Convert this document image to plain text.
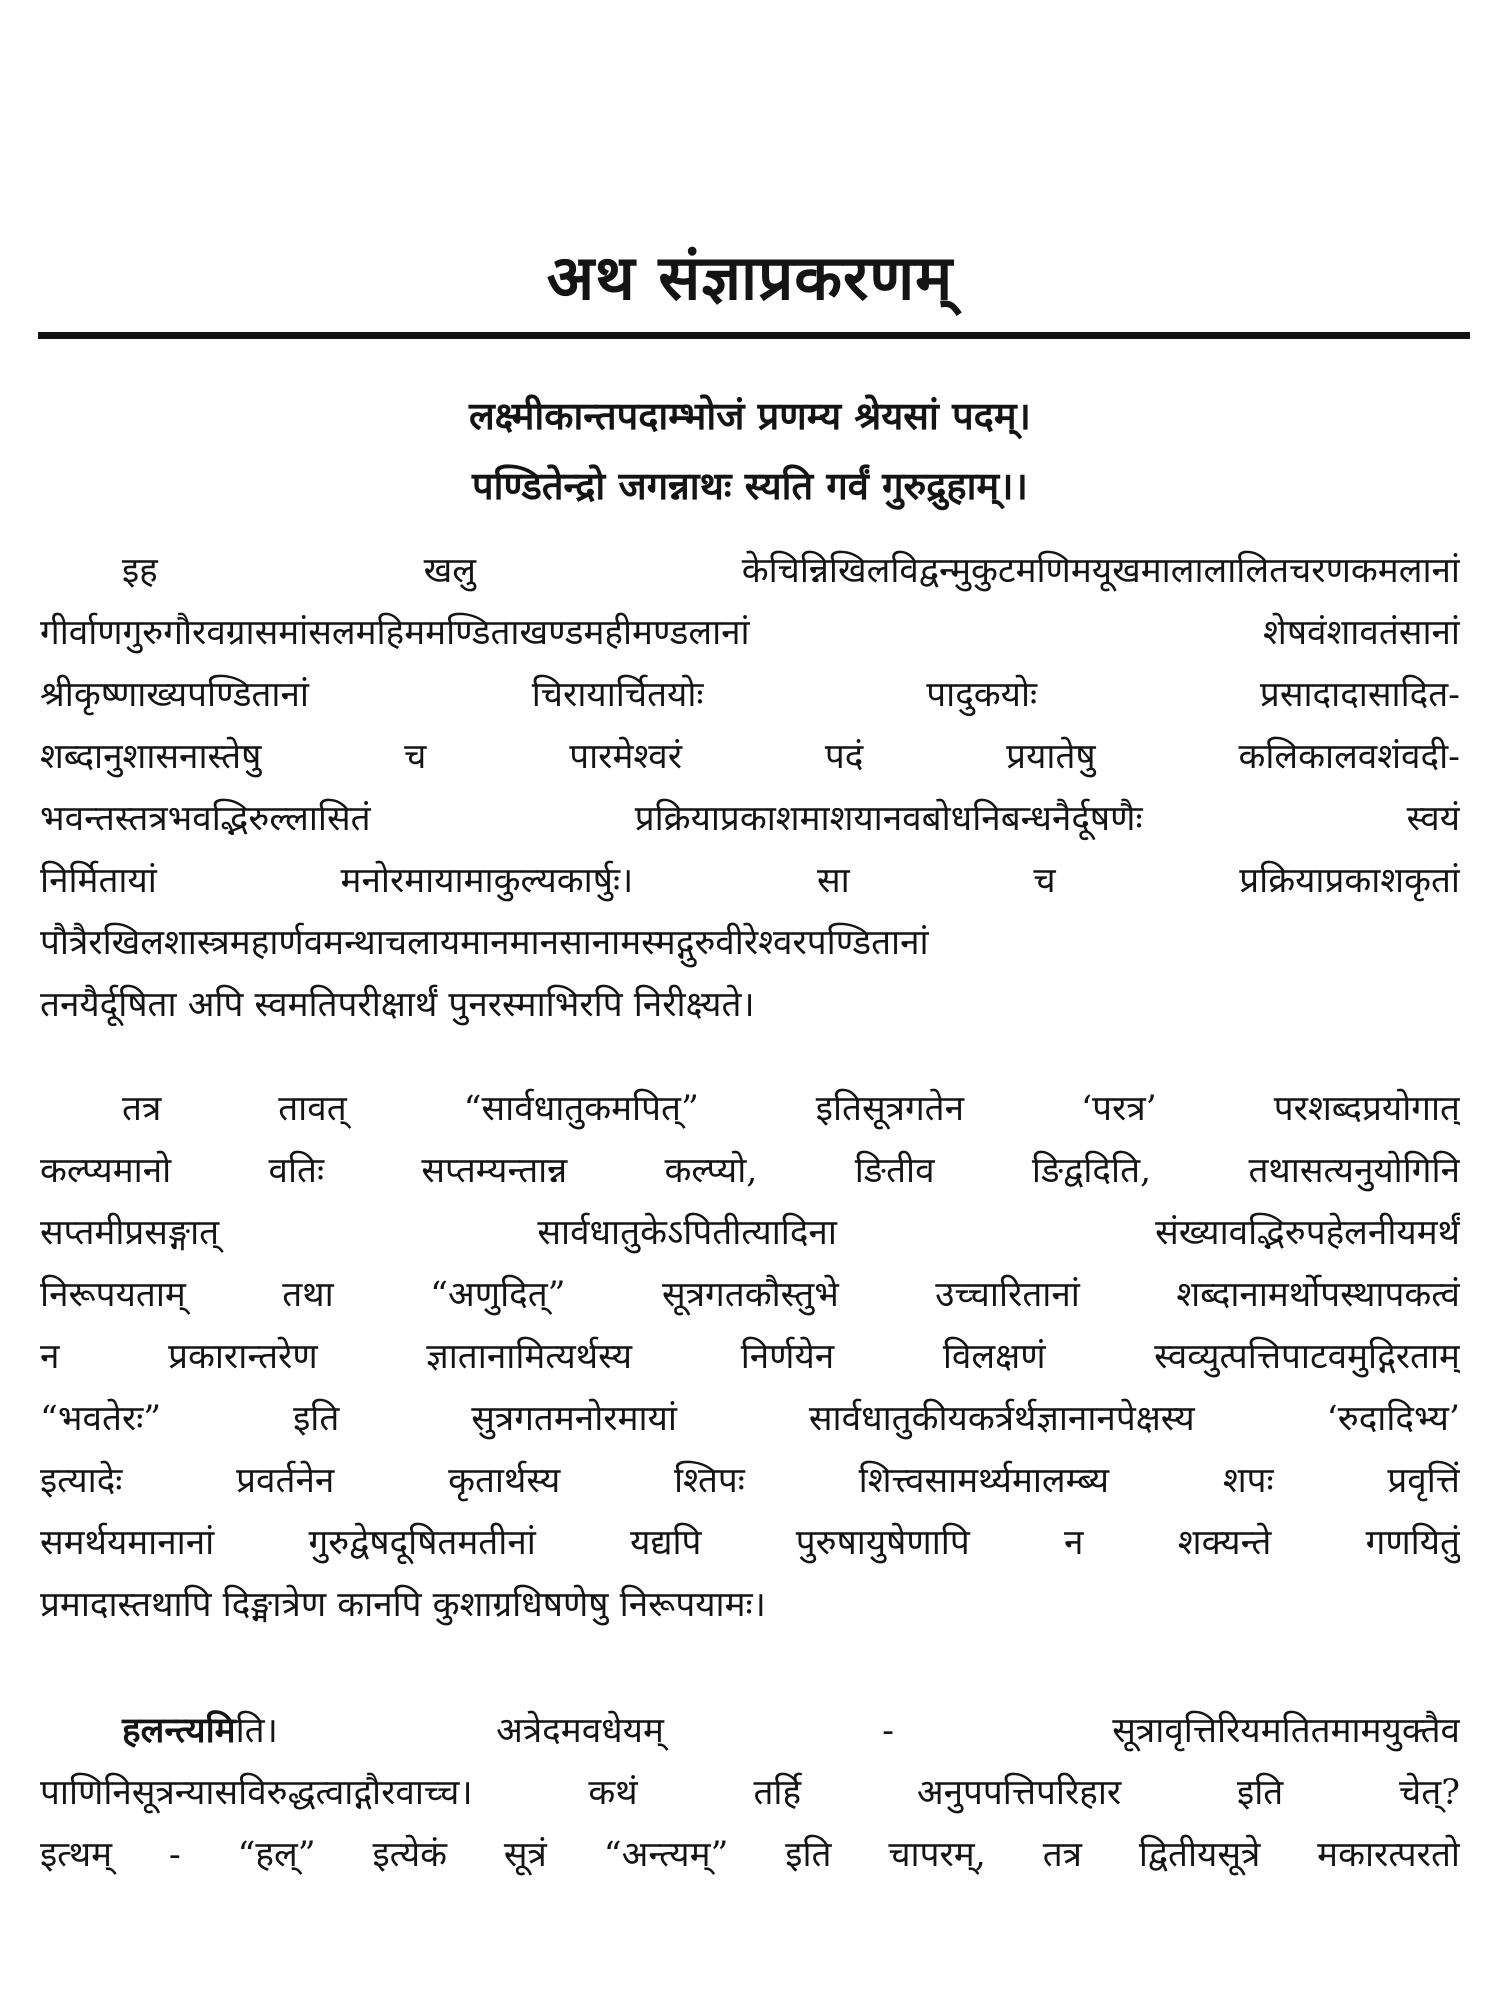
अथ संज्ञाप्रकरणम्
लक्ष्मीकान्तपदाम्भोजं प्रणम्य श्रेयसां पदम्।
पण्डितेन्द्रो जगन्नाथः स्यति गर्वं गुरुद्रुहाम्।।
इह खलु केचिन्निखिलविद्वन्मुकुटमणिमयूखमालालालितचरणकमलानां
गीर्वाणगुरुगौरवग्रासमांसलमहिममण्डिताखण्डमहीमण्डलानां शेषवंशावतंसानां
श्रीकृष्णाख्यपण्डितानां चिरायार्चितयोः पादुकयोः प्रसादादासादित-
शब्दानुशासनास्तेषु च पारमेश्वरं पदं प्रयातेषु कलिकालवशंवदी-
भवन्तस्तत्रभवद्भिरुल्लासितं प्रक्रियाप्रकाशमाशयानवबोधनिबन्धनैर्दूषणैः स्वयं
निर्मितायां मनोरमायामाकुल्यकार्षुः। सा च प्रक्रियाप्रकाशकृतां
पौत्रैरखिलशास्त्रमहार्णवमन्थाचलायमानमानसानामस्मद्गुरुवीरेश्वरपण्डितानां
तनयैर्दूषिता अपि स्वमतिपरीक्षार्थं पुनरस्माभिरपि निरीक्ष्यते।
तत्र तावत् “सार्वधातुकमपित्” इतिसूत्रगतेन ‘परत्र’ परशब्दप्रयोगात्
कल्प्यमानो वतिः सप्तम्यन्तान्न कल्प्यो, ङितीव ङिद्वदिति, तथासत्यनुयोगिनि
सप्तमीप्रसङ्गात् सार्वधातुकेऽपितीत्यादिना संख्यावद्भिरुपहेलनीयमर्थं
निरूपयताम् तथा “अणुदित्” सूत्रगतकौस्तुभे उच्चारितानां शब्दानामर्थोपस्थापकत्वं
न प्रकारान्तरेण ज्ञातानामित्यर्थस्य निर्णयेन विलक्षणं स्वव्युत्पत्तिपाटवमुद्गिरताम्
“भवतेरः” इति सुत्रगतमनोरमायां सार्वधातुकीयकर्त्रर्थज्ञानानपेक्षस्य ‘रुदादिभ्य’
इत्यादेः प्रवर्तनेन कृतार्थस्य श्तिपः शित्त्वसामर्थ्यमालम्ब्य शपः प्रवृत्तिं
समर्थयमानानां गुरुद्वेषदूषितमतीनां यद्यपि पुरुषायुषेणापि न शक्यन्ते गणयितुं
प्रमादास्तथापि दिङ्मात्रेण कानपि कुशाग्रधिषणेषु निरूपयामः।
हलन्त्यमिति। अत्रेदमवधेयम् - सूत्रावृत्तिरियमतितमामयुक्तैव
पाणिनिसूत्रन्यासविरुद्धत्वाद्गौरवाच्च। कथं तर्हि अनुपपत्तिपरिहार इति चेत्?
इत्थम् - “हल्” इत्येकं सूत्रं “अन्त्यम्” इति चापरम्, तत्र द्वितीयसूत्रे मकारत्परतो
